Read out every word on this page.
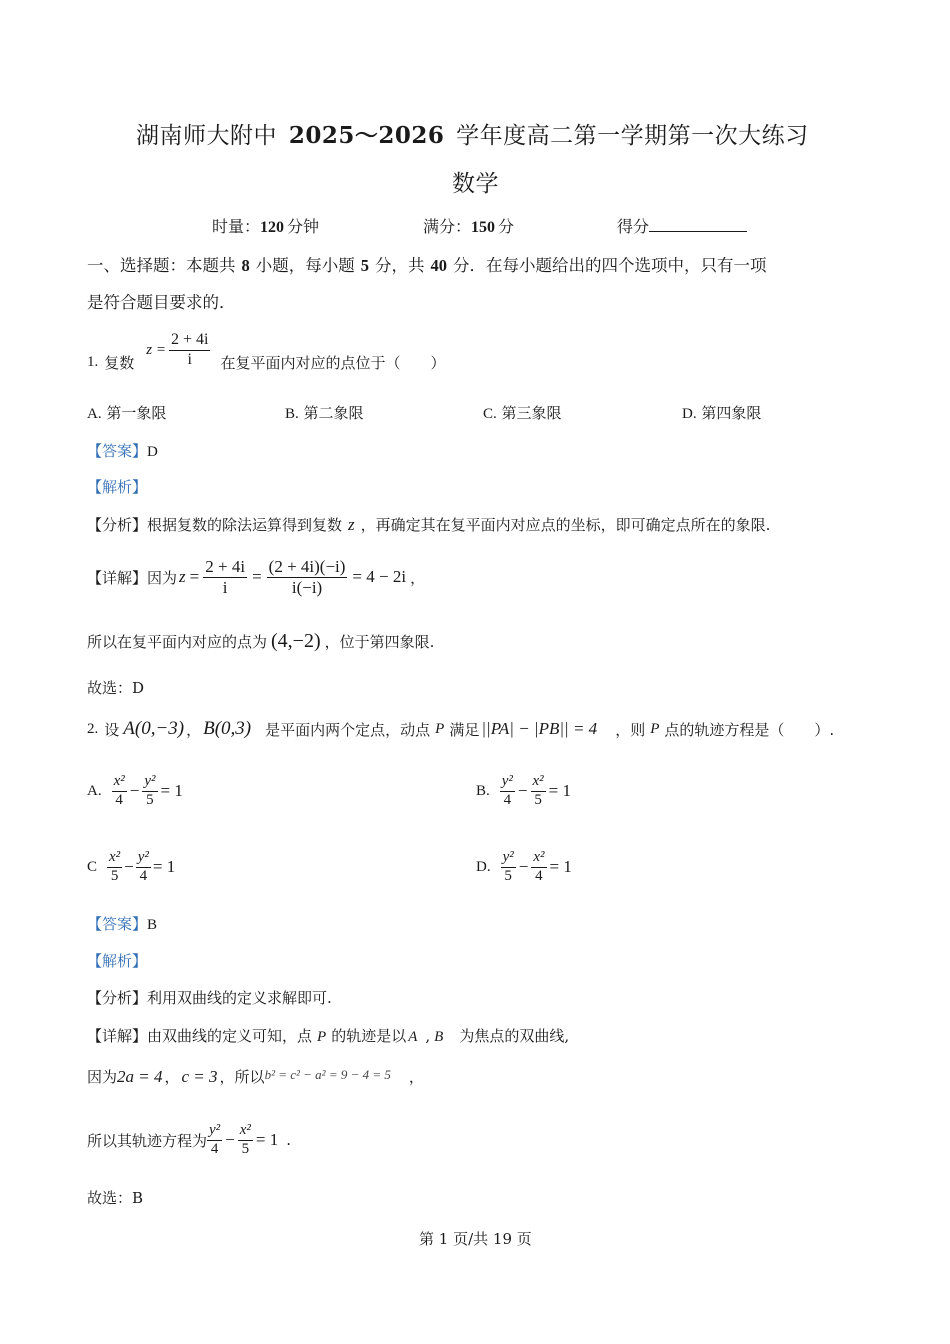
湖南师大附中 2025～2026 学年度高二第一学期第一次大练习
数学
时量：120 分钟	满分：150 分	得分
一、选择题：本题共 8 小题，每小题 5 分，共 40 分．在每小题给出的四个选项中，只有一项
是符合题目要求的．
1. 复数
$z = \frac{2 + 4i}{i}$ 在复平面内对应的点位于（　　）
A. 第一象限	B. 第二象限	C. 第三象限	D. 第四象限
【答案】D
【解析】
【分析】根据复数的除法运算得到复数 z ，再确定其在复平面内对应点的坐标，即可确定点所在的象限.
【详解】 因为 $z = \frac{2 + 4i}{i} = \frac{(2 + 4i)(-i)}{i(-i)} = 4 - 2i$ ，
所以在复平面内对应的点为 (4,−2) ，位于第四象限.
故选：D
2. 设 A(0,−3) ， B(0,3) 是平面内两个定点，动点 P 满足 ||PA| − |PB|| = 4 ，则 P 点的轨迹方程是（　　）.
A. $\frac{\text{x²}}{4} - \frac{\text{y²}}{5} = 1$	B. $\frac{\text{y²}}{4} - \frac{\text{x²}}{5} = 1$
C $\frac{\text{x²}}{5} - \frac{\text{y²}}{4} = 1$	D. $\frac{\text{y²}}{5} - \frac{\text{x²}}{4} = 1$
【答案】B
【解析】
【分析】利用双曲线的定义求解即可.
【详解】由双曲线的定义可知，点 P 的轨迹是以 A , B 为焦点的双曲线,
因为 2a = 4 ， c = 3 ，所以 b² = c² − a² = 9 − 4 = 5 ，
所以其轨迹方程为 $\frac{\text{y²}}{4} - \frac{\text{x²}}{5} = 1$ .
故选：B
第 1 页/共 19 页
